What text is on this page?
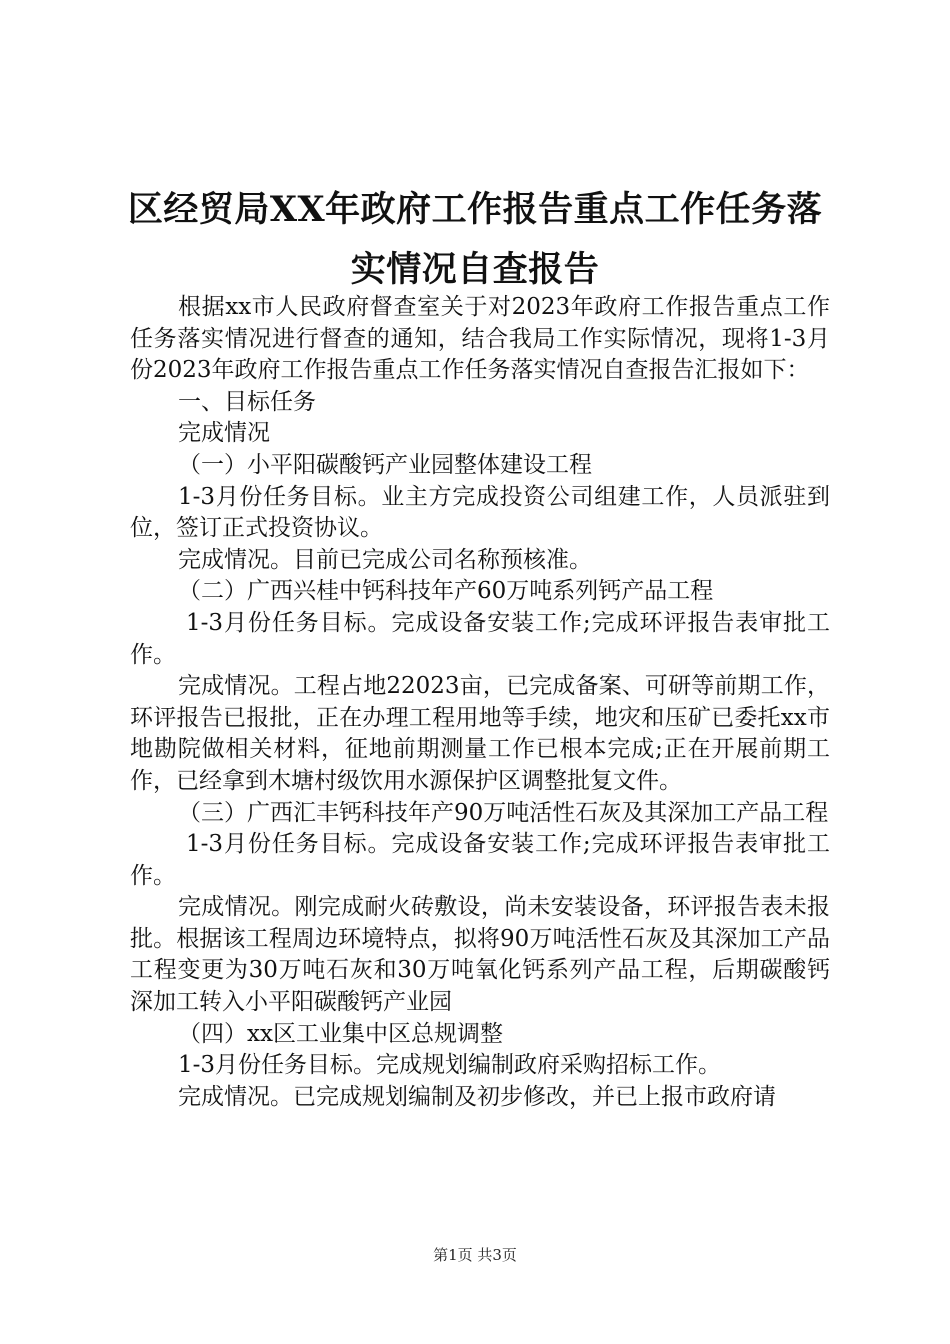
区经贸局XX年政府工作报告重点工作任务落
实情况自查报告

根据xx市人民政府督查室关于对2023年政府工作报告重点工作任务落实情况进行督查的通知，结合我局工作实际情况，现将1-3月份2023年政府工作报告重点工作任务落实情况自查报告汇报如下：

一、目标任务

完成情况

（一）小平阳碳酸钙产业园整体建设工程

1-3月份任务目标。业主方完成投资公司组建工作，人员派驻到位，签订正式投资协议。

完成情况。目前已完成公司名称预核准。

（二）广西兴桂中钙科技年产60万吨系列钙产品工程

1-3月份任务目标。完成设备安装工作;完成环评报告表审批工作。

完成情况。工程占地22023亩，已完成备案、可研等前期工作，环评报告已报批，正在办理工程用地等手续，地灾和压矿已委托xx市地勘院做相关材料，征地前期测量工作已根本完成;正在开展前期工作，已经拿到木塘村级饮用水源保护区调整批复文件。

（三）广西汇丰钙科技年产90万吨活性石灰及其深加工产品工程

1-3月份任务目标。完成设备安装工作;完成环评报告表审批工作。

完成情况。刚完成耐火砖敷设，尚未安装设备，环评报告表未报批。根据该工程周边环境特点，拟将90万吨活性石灰及其深加工产品工程变更为30万吨石灰和30万吨氧化钙系列产品工程，后期碳酸钙深加工转入小平阳碳酸钙产业园

（四）xx区工业集中区总规调整

1-3月份任务目标。完成规划编制政府采购招标工作。

完成情况。已完成规划编制及初步修改，并已上报市政府请

第1页 共3页
